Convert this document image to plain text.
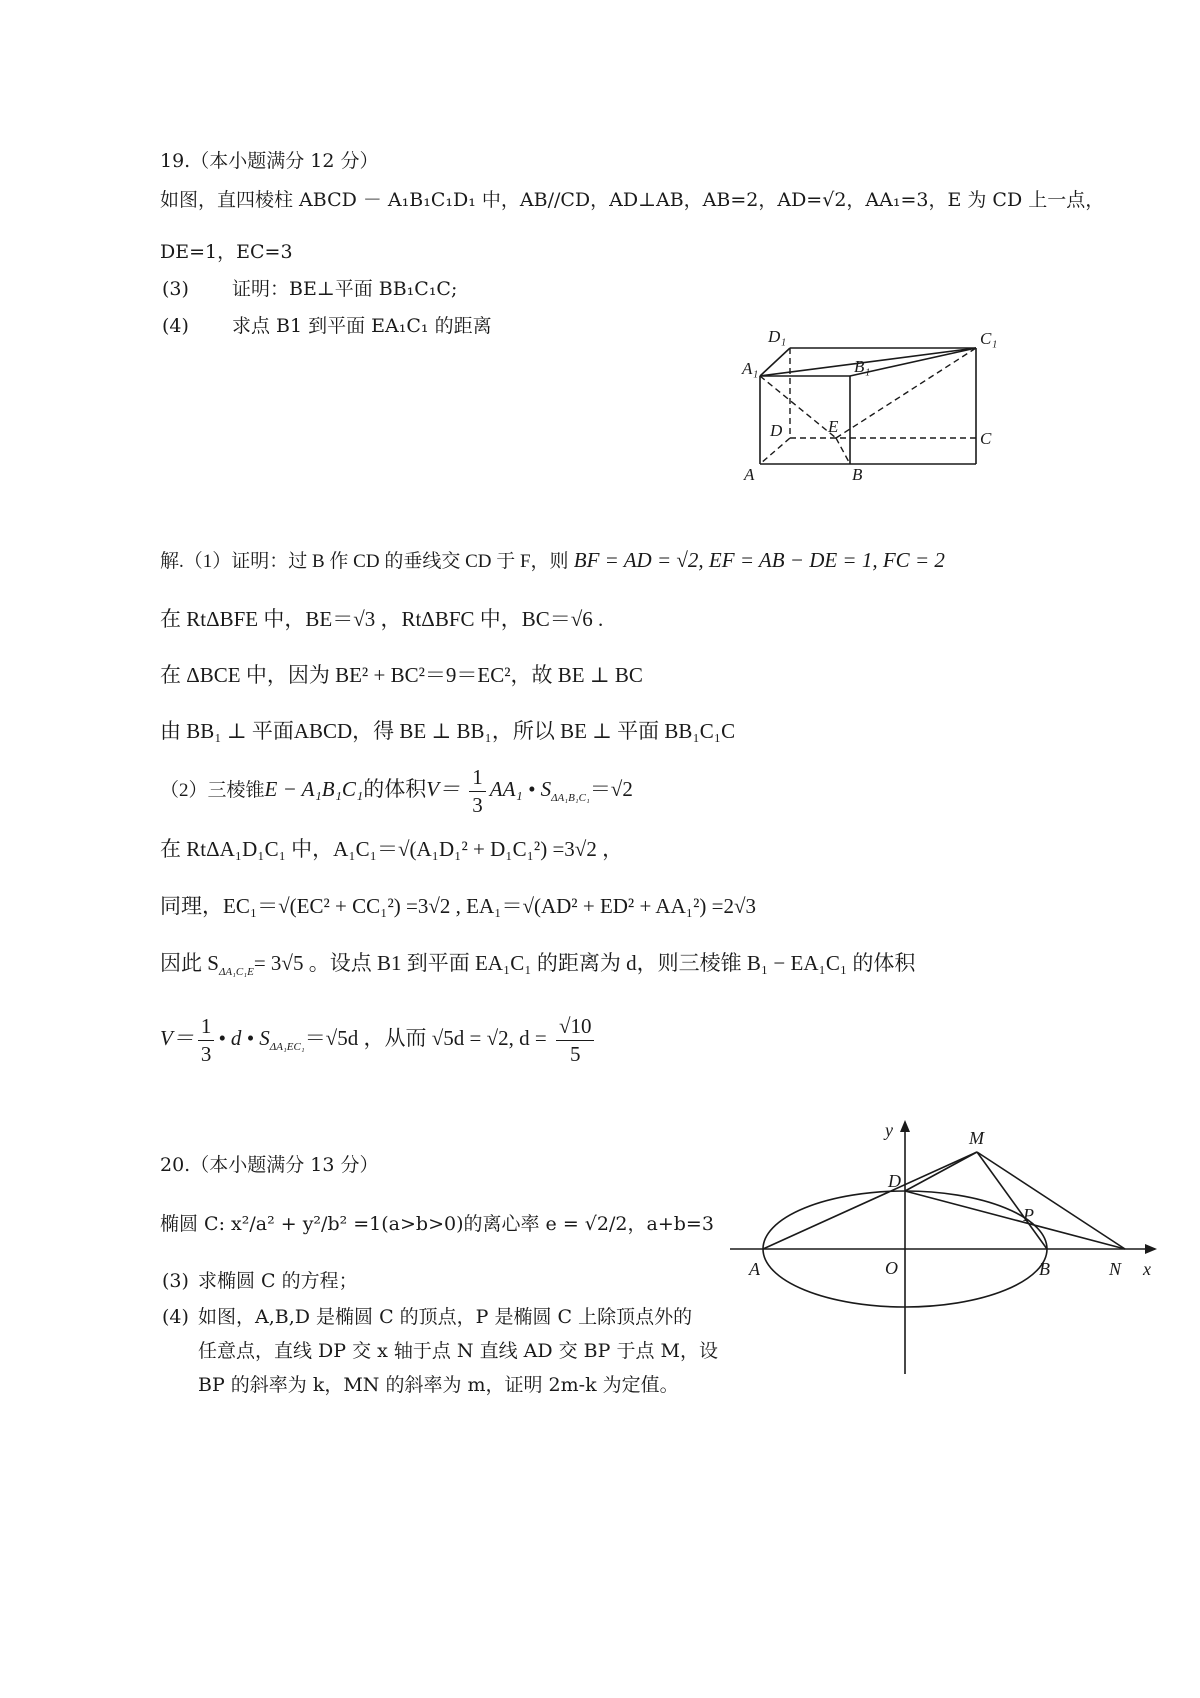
19.（本小题满分 12 分）
如图，直四棱柱 ABCD － A₁B₁C₁D₁ 中，AB//CD，AD⊥AB，AB=2，AD=√2，AA₁=3，E 为 CD 上一点，
DE=1，EC=3
(3) 证明：BE⊥平面 BB₁C₁C;
(4) 求点 B1 到平面 EA₁C₁ 的距离	D₁	C₁
A₁	B₁
D	E
C
A	B
解.（1）证明：过 B 作 CD 的垂线交 CD 于 F，则 BF = AD = √2, EF = AB − DE = 1, FC = 2
在 RtΔBFE 中，BE＝√3 ，RtΔBFC 中，BC＝√6 .
在 ΔBCE 中，因为 BE² + BC²＝9＝EC²，故 BE ⊥ BC
由 BB₁ ⊥ 平面ABCD，得 BE ⊥ BB₁，所以 BE ⊥ 平面 BB₁C₁C
（2）三棱锥E − A₁B₁C₁的体积$V= \frac{1}{3} AA_1$ • $S_{\Delta A_1B_1C_1}=√2$
在 RtΔA₁D₁C₁ 中，A₁C₁＝√(A₁D₁² + D₁C₁²) =3√2 ，
同理，EC₁＝√(EC² + CC₁²) =3√2 , EA₁＝√(AD² + ED² + AA₁²) =2√3
因此 $S_{\Delta A_1C_1E}= 3√5$ 。设点 B1 到平面 EA₁C₁ 的距离为 d，则三棱锥 B₁ − EA₁C₁ 的体积
$V= \frac{1}{3}$ • d • $S_{\Delta A_1EC_1}=√5d$ ，从而 √5d = √2, $d = \frac{√10}{5}$
20.（本小题满分 13 分）
椭圆 C: x²/a² + y²/b² =1(a>b>0)的离心率 e = √2/2，a+b=3
(3) 求椭圆 C 的方程；
(4) 如图，A,B,D 是椭圆 C 的顶点，P 是椭圆 C 上除顶点外的
任意点，直线 DP 交 x 轴于点 N 直线 AD 交 BP 于点 M，设
BP 的斜率为 k，MN 的斜率为 m，证明 2m-k 为定值。
y	M
D
P
A	O	B	N x
